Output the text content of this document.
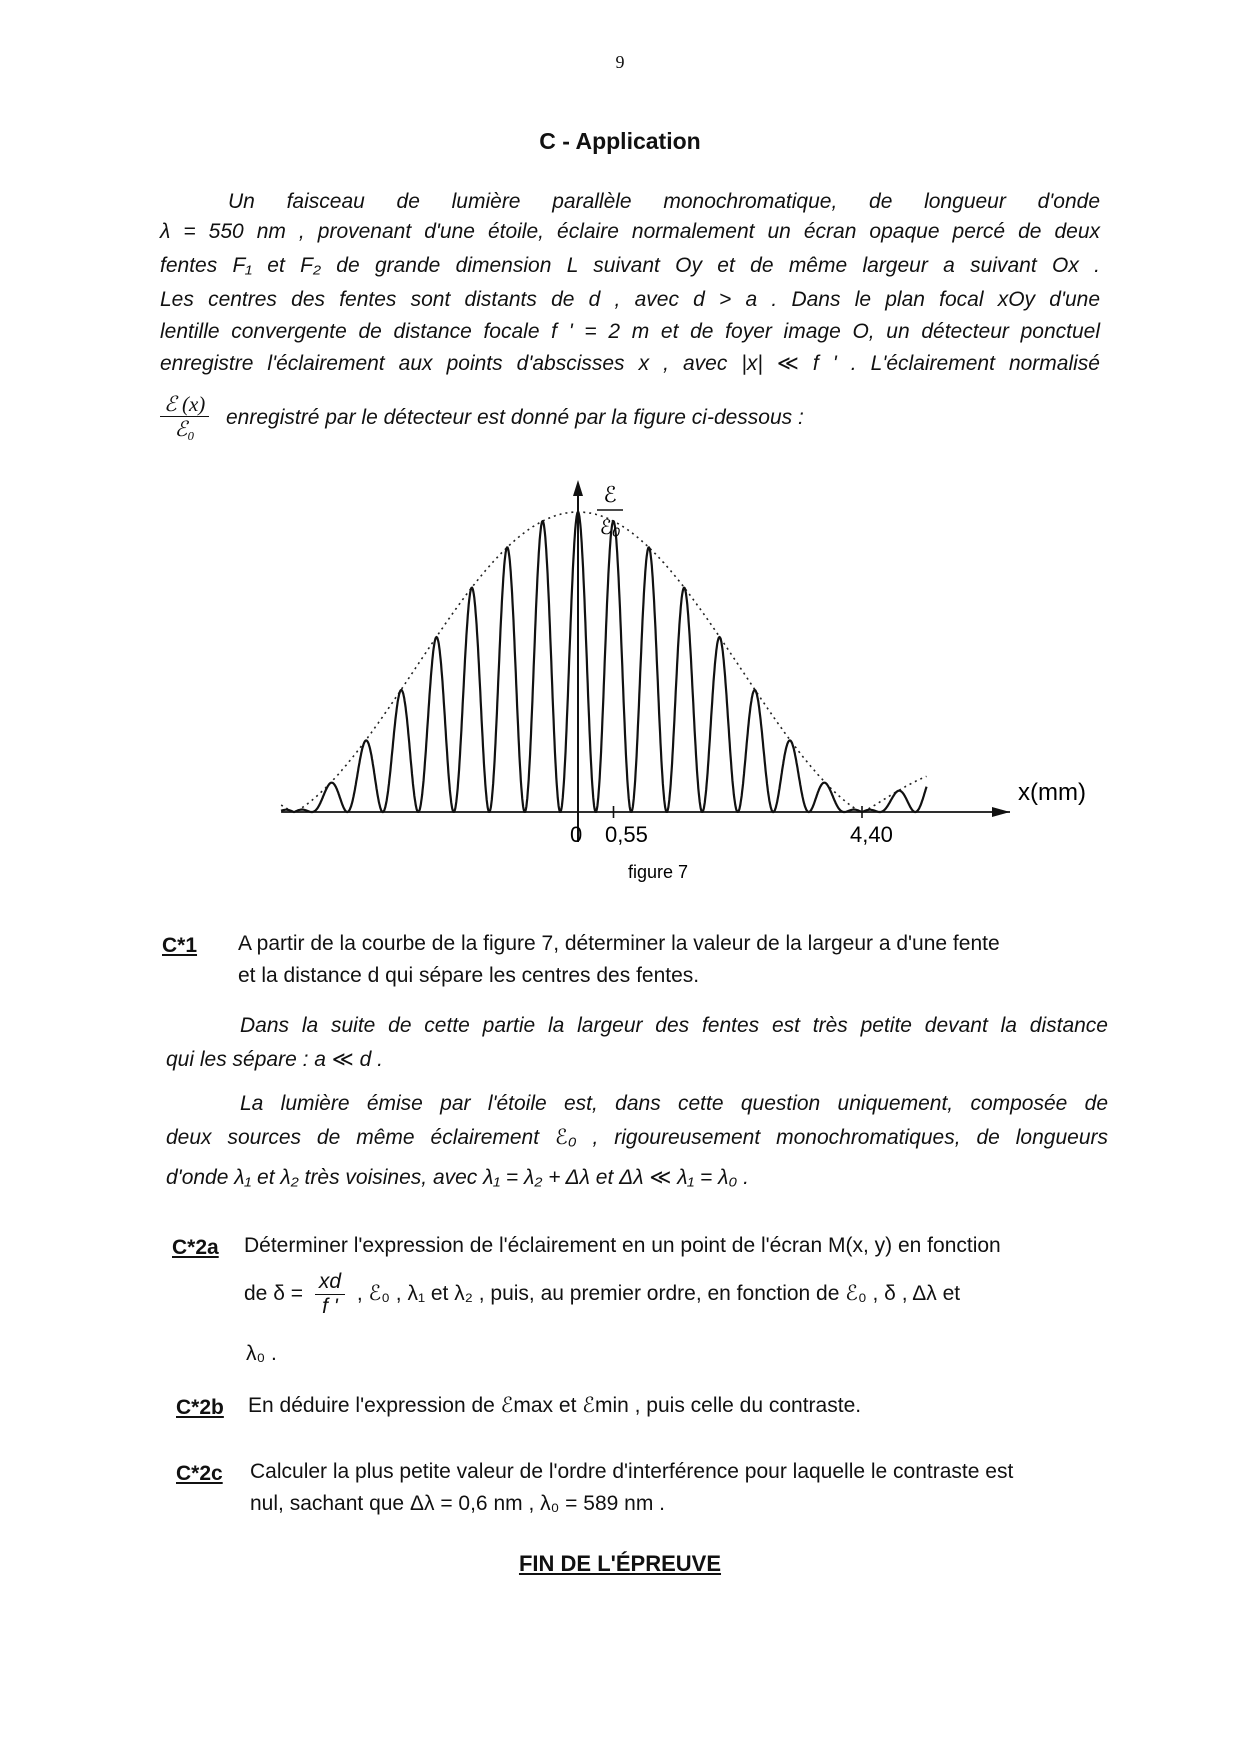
9
C - Application
Un faisceau de lumière parallèle monochromatique, de longueur d'onde
λ = 550 nm , provenant d'une étoile, éclaire normalement un écran opaque percé de deux
fentes F₁ et F₂ de grande dimension L suivant Oy et de même largeur a suivant Ox .
Les centres des fentes sont distants de d , avec d > a . Dans le plan focal xOy d'une
lentille convergente de distance focale f ' = 2 m et de foyer image O, un détecteur ponctuel
enregistre l'éclairement aux points d'abscisses x , avec |x| ≪ f ' . L'éclairement normalisé
$\frac{\text{ℰ (x)}}{\text{ℰ₀}}$ enregistré par le détecteur est donné par la figure ci-dessous :
ℰ
ℰ₀
x(mm)
0 0,55	4,40
figure 7
C*1 A partir de la courbe de la figure 7, déterminer la valeur de la largeur a d'une fente
et la distance d qui sépare les centres des fentes.
Dans la suite de cette partie la largeur des fentes est très petite devant la distance
qui les sépare : a ≪ d .
La lumière émise par l'étoile est, dans cette question uniquement, composée de
deux sources de même éclairement ℰ₀ , rigoureusement monochromatiques, de longueurs
d'onde λ₁ et λ₂ très voisines, avec λ₁ = λ₂ + Δλ et Δλ ≪ λ₁ = λ₀ .
C*2a Déterminer l'expression de l'éclairement en un point de l'écran M(x, y) en fonction
de $\delta = \frac{xd}{f '}$ , ℰ₀ , λ₁ et λ₂ , puis, au premier ordre, en fonction de ℰ₀ , δ , Δλ et
λ₀ .
C*2b En déduire l'expression de ℰmax et ℰmin , puis celle du contraste.
C*2c Calculer la plus petite valeur de l'ordre d'interférence pour laquelle le contraste est
nul, sachant que Δλ = 0,6 nm , λ₀ = 589 nm .
FIN DE L'ÉPREUVE
